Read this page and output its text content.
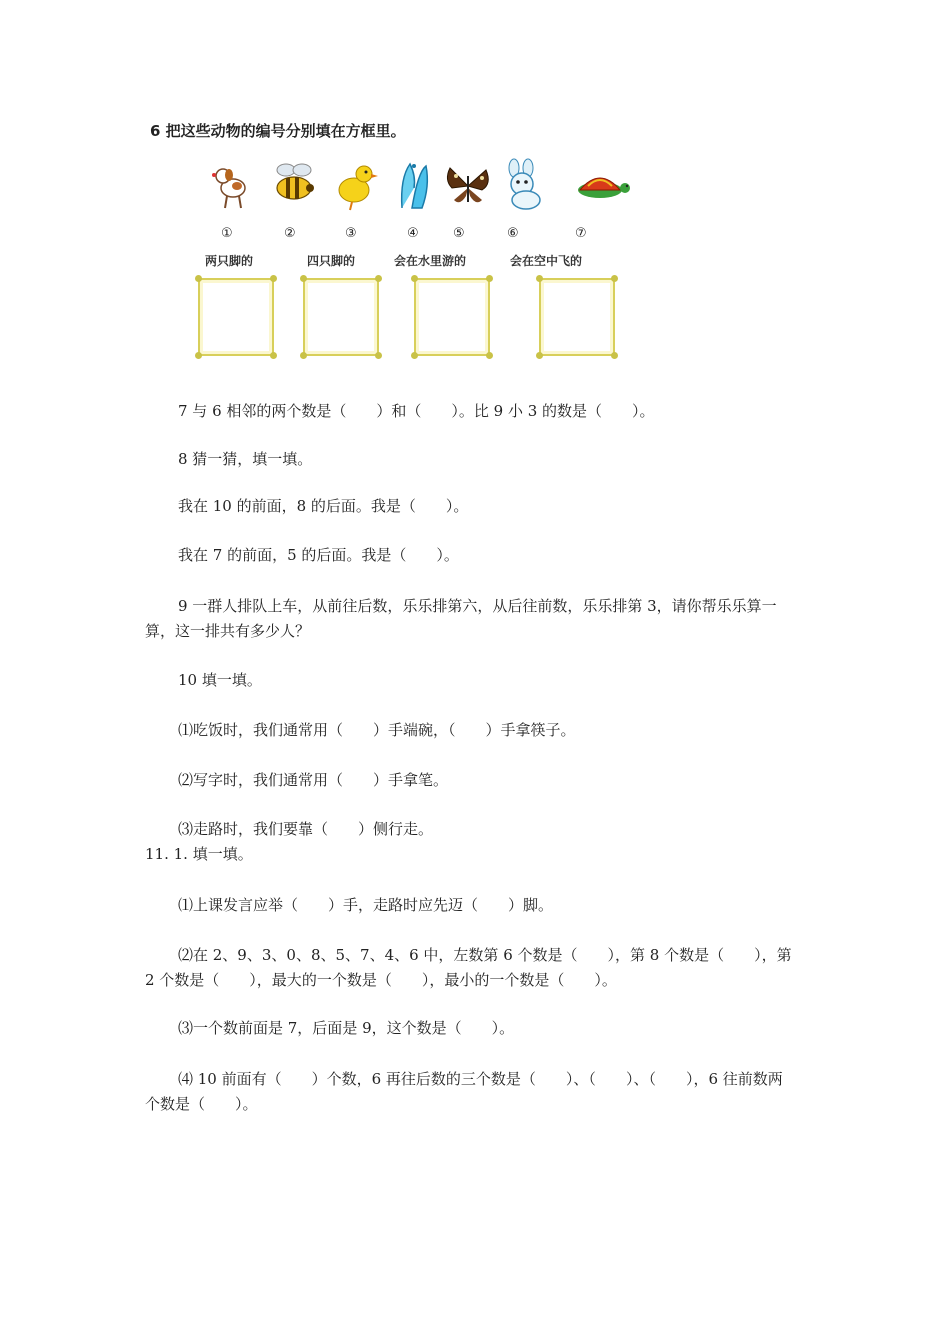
6 把这些动物的编号分别填在方框里。
①	②	③	④	⑤	⑥	⑦
两只脚的	四只脚的	会在水里游的	会在空中飞的
7 与 6 相邻的两个数是（　　）和（　　）。比 9 小 3 的数是（　　）。
8 猜一猜，填一填。
我在 10 的前面，8 的后面。我是（　　）。
我在 7 的前面，5 的后面。我是（　　）。
9 一群人排队上车，从前往后数，乐乐排第六，从后往前数，乐乐排第 3，请你帮乐乐算一算，这一排共有多少人？
10 填一填。
⑴吃饭时，我们通常用（　　）手端碗，（　　）手拿筷子。
⑵写字时，我们通常用（　　）手拿笔。
⑶走路时，我们要靠（　　）侧行走。
11. 1. 填一填。
⑴上课发言应举（　　）手，走路时应先迈（　　）脚。
⑵在 2、9、3、0、8、5、7、4、6 中，左数第 6 个数是（　　），第 8 个数是（　　），第 2 个数是（　　），最大的一个数是（　　），最小的一个数是（　　）。
⑶一个数前面是 7，后面是 9，这个数是（　　）。
⑷ 10 前面有（　　）个数，6 再往后数的三个数是（　　）、（　　）、（　　），6 往前数两个数是（　　）。
